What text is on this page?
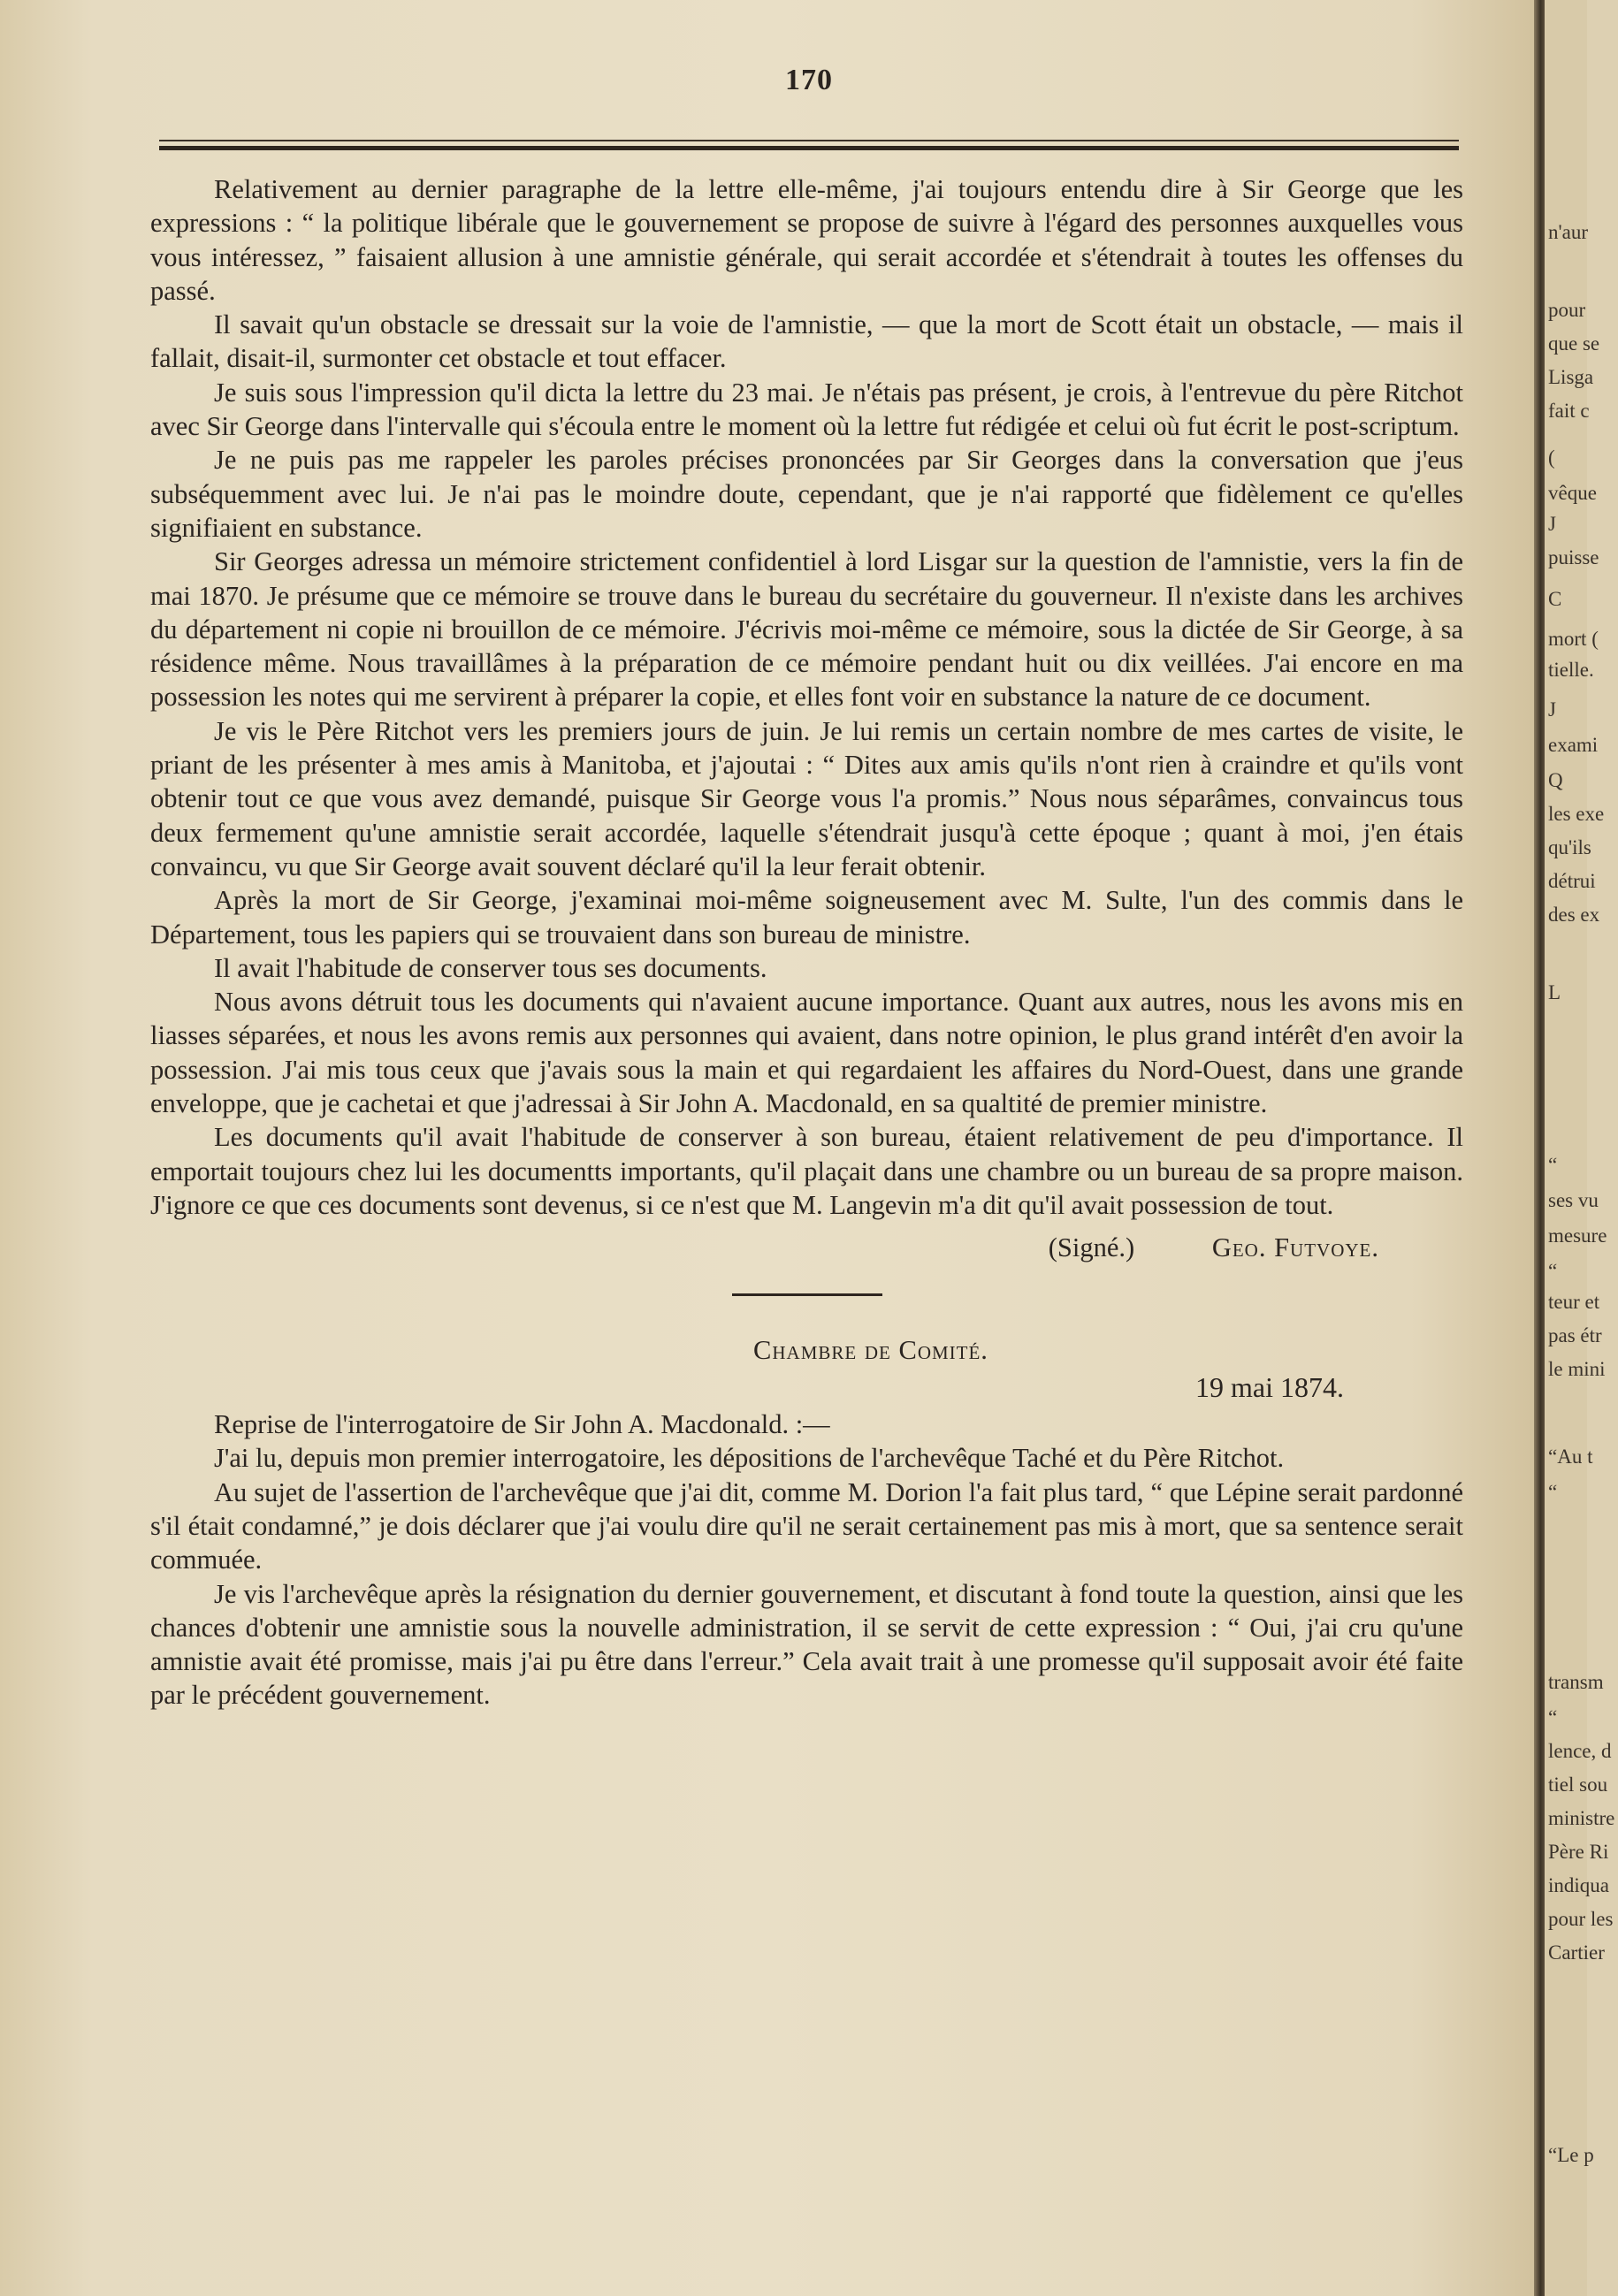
170

Relativement au dernier paragraphe de la lettre elle-même, j'ai toujours entendu dire à Sir George que les expressions : “ la politique libérale que le gouvernement se propose de suivre à l'égard des personnes auxquelles vous vous intéressez, ” faisaient allusion à une amnistie générale, qui serait accordée et s'étendrait à toutes les offenses du passé.

Il savait qu'un obstacle se dressait sur la voie de l'amnistie, — que la mort de Scott était un obstacle, — mais il fallait, disait-il, surmonter cet obstacle et tout effacer.

Je suis sous l'impression qu'il dicta la lettre du 23 mai. Je n'étais pas présent, je crois, à l'entrevue du père Ritchot avec Sir George dans l'intervalle qui s'écoula entre le moment où la lettre fut rédigée et celui où fut écrit le post-scriptum.

Je ne puis pas me rappeler les paroles précises prononcées par Sir Georges dans la conversation que j'eus subséquemment avec lui. Je n'ai pas le moindre doute, cependant, que je n'ai rapporté que fidèlement ce qu'elles signifiaient en substance.

Sir Georges adressa un mémoire strictement confidentiel à lord Lisgar sur la question de l'amnistie, vers la fin de mai 1870. Je présume que ce mémoire se trouve dans le bureau du secrétaire du gouverneur. Il n'existe dans les archives du département ni copie ni brouillon de ce mémoire. J'écrivis moi-même ce mémoire, sous la dictée de Sir George, à sa résidence même. Nous travaillâmes à la préparation de ce mémoire pendant huit ou dix veillées. J'ai encore en ma possession les notes qui me servirent à préparer la copie, et elles font voir en substance la nature de ce document.

Je vis le Père Ritchot vers les premiers jours de juin. Je lui remis un certain nombre de mes cartes de visite, le priant de les présenter à mes amis à Manitoba, et j'ajoutai : “ Dites aux amis qu'ils n'ont rien à craindre et qu'ils vont obtenir tout ce que vous avez demandé, puisque Sir George vous l'a promis.” Nous nous séparâmes, convaincus tous deux fermement qu'une amnistie serait accordée, laquelle s'étendrait jusqu'à cette époque ; quant à moi, j'en étais convaincu, vu que Sir George avait souvent déclaré qu'il la leur ferait obtenir.

Après la mort de Sir George, j'examinai moi-même soigneusement avec M. Sulte, l'un des commis dans le Département, tous les papiers qui se trouvaient dans son bureau de ministre.

Il avait l'habitude de conserver tous ses documents.

Nous avons détruit tous les documents qui n'avaient aucune importance. Quant aux autres, nous les avons mis en liasses séparées, et nous les avons remis aux personnes qui avaient, dans notre opinion, le plus grand intérêt d'en avoir la possession. J'ai mis tous ceux que j'avais sous la main et qui regardaient les affaires du Nord-Ouest, dans une grande enveloppe, que je cachetai et que j'adressai à Sir John A. Macdonald, en sa qualtité de premier ministre.

Les documents qu'il avait l'habitude de conserver à son bureau, étaient relativement de peu d'importance. Il emportait toujours chez lui les documentts importants, qu'il plaçait dans une chambre ou un bureau de sa propre maison. J'ignore ce que ces documents sont devenus, si ce n'est que M. Langevin m'a dit qu'il avait possession de tout.

(Signé.)	Geo. Futvoye.
Chambre de Comité.
19 mai 1874.

Reprise de l'interrogatoire de Sir John A. Macdonald. :—

J'ai lu, depuis mon premier interrogatoire, les dépositions de l'archevêque Taché et du Père Ritchot.

Au sujet de l'assertion de l'archevêque que j'ai dit, comme M. Dorion l'a fait plus tard, “ que Lépine serait pardonné s'il était condamné,” je dois déclarer que j'ai voulu dire qu'il ne serait certainement pas mis à mort, que sa sentence serait commuée.

Je vis l'archevêque après la résignation du dernier gouvernement, et discutant à fond toute la question, ainsi que les chances d'obtenir une amnistie sous la nouvelle administration, il se servit de cette expression : “ Oui, j'ai cru qu'une amnistie avait été promisse, mais j'ai pu être dans l'erreur.” Cela avait trait à une promesse qu'il supposait avoir été faite par le précédent gouvernement.

n'aur
pour
que se
Lisga
fait c
(
vêque
J
puisse
C
mort (
tielle.
J
exami
Q
les exe
qu'ils
détrui
des ex
L
“
ses vu
mesure
“
teur et
pas étr
le mini
“Au t
“
transm
“
lence, d
tiel sou
ministre
Père Ri
indiqua
pour les
Cartier
“Le p
